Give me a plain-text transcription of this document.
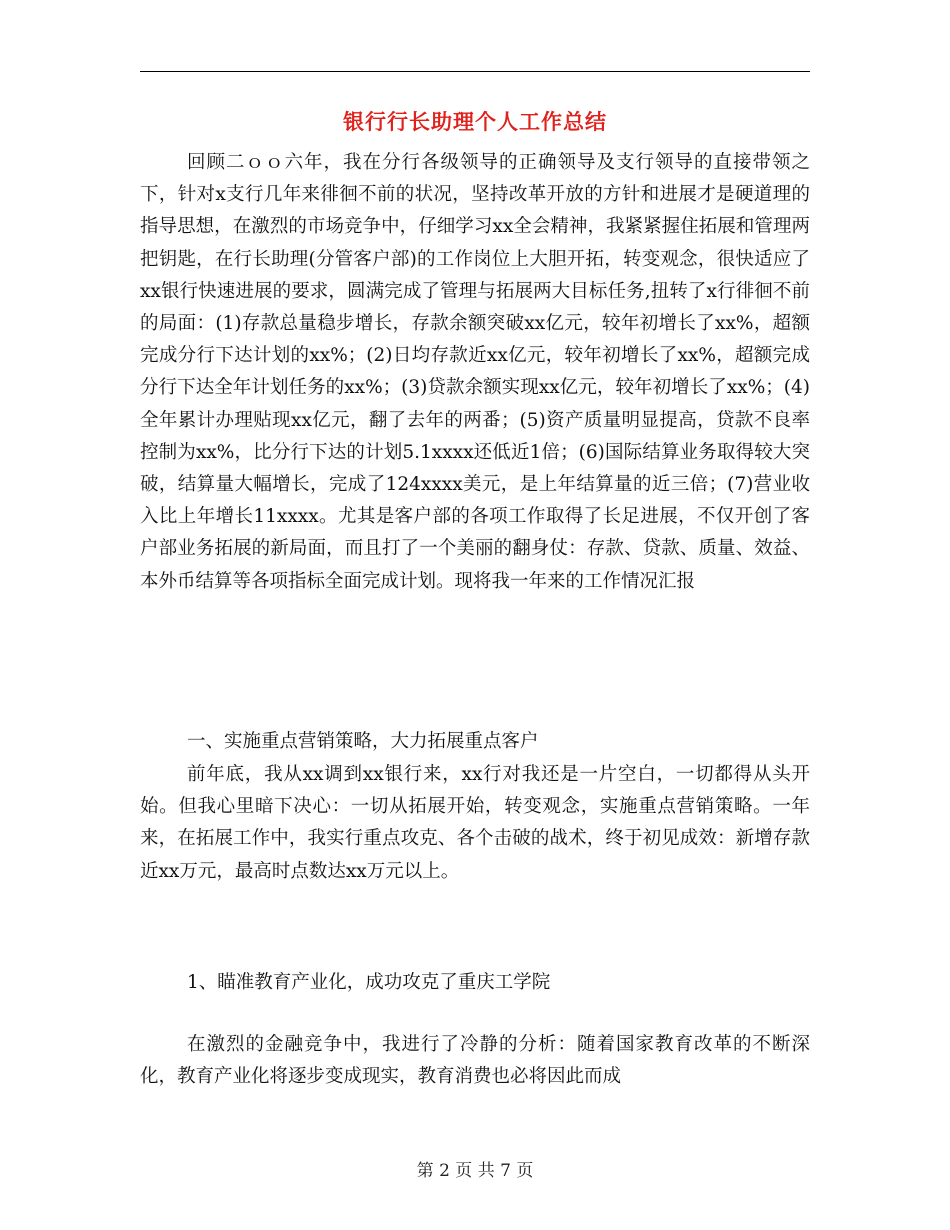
银行行长助理个人工作总结

回顾二ｏｏ六年，我在分行各级领导的正确领导及支行领导的直接带领之下，针对x支行几年来徘徊不前的状况，坚持改革开放的方针和进展才是硬道理的指导思想，在激烈的市场竞争中，仔细学习xx全会精神，我紧紧握住拓展和管理两把钥匙，在行长助理(分管客户部)的工作岗位上大胆开拓，转变观念，很快适应了xx银行快速进展的要求，圆满完成了管理与拓展两大目标任务,扭转了x行徘徊不前的局面：(1)存款总量稳步增长，存款余额突破xx亿元，较年初增长了xx%，超额完成分行下达计划的xx%；(2)日均存款近xx亿元，较年初增长了xx%，超额完成分行下达全年计划任务的xx%；(3)贷款余额实现xx亿元，较年初增长了xx%；(4)全年累计办理贴现xx亿元，翻了去年的两番；(5)资产质量明显提高，贷款不良率控制为xx%，比分行下达的计划5.1xxxx还低近1倍；(6)国际结算业务取得较大突破，结算量大幅增长，完成了124xxxx美元，是上年结算量的近三倍；(7)营业收入比上年增长11xxxx。尤其是客户部的各项工作取得了长足进展，不仅开创了客户部业务拓展的新局面，而且打了一个美丽的翻身仗：存款、贷款、质量、效益、本外币结算等各项指标全面完成计划。现将我一年来的工作情况汇报

一、实施重点营销策略，大力拓展重点客户

前年底，我从xx调到xx银行来，xx行对我还是一片空白，一切都得从头开始。但我心里暗下决心：一切从拓展开始，转变观念，实施重点营销策略。一年来，在拓展工作中，我实行重点攻克、各个击破的战术，终于初见成效：新增存款近xx万元，最高时点数达xx万元以上。

1、瞄准教育产业化，成功攻克了重庆工学院

在激烈的金融竞争中，我进行了冷静的分析：随着国家教育改革的不断深化，教育产业化将逐步变成现实，教育消费也必将因此而成

第 2 页 共 7 页
